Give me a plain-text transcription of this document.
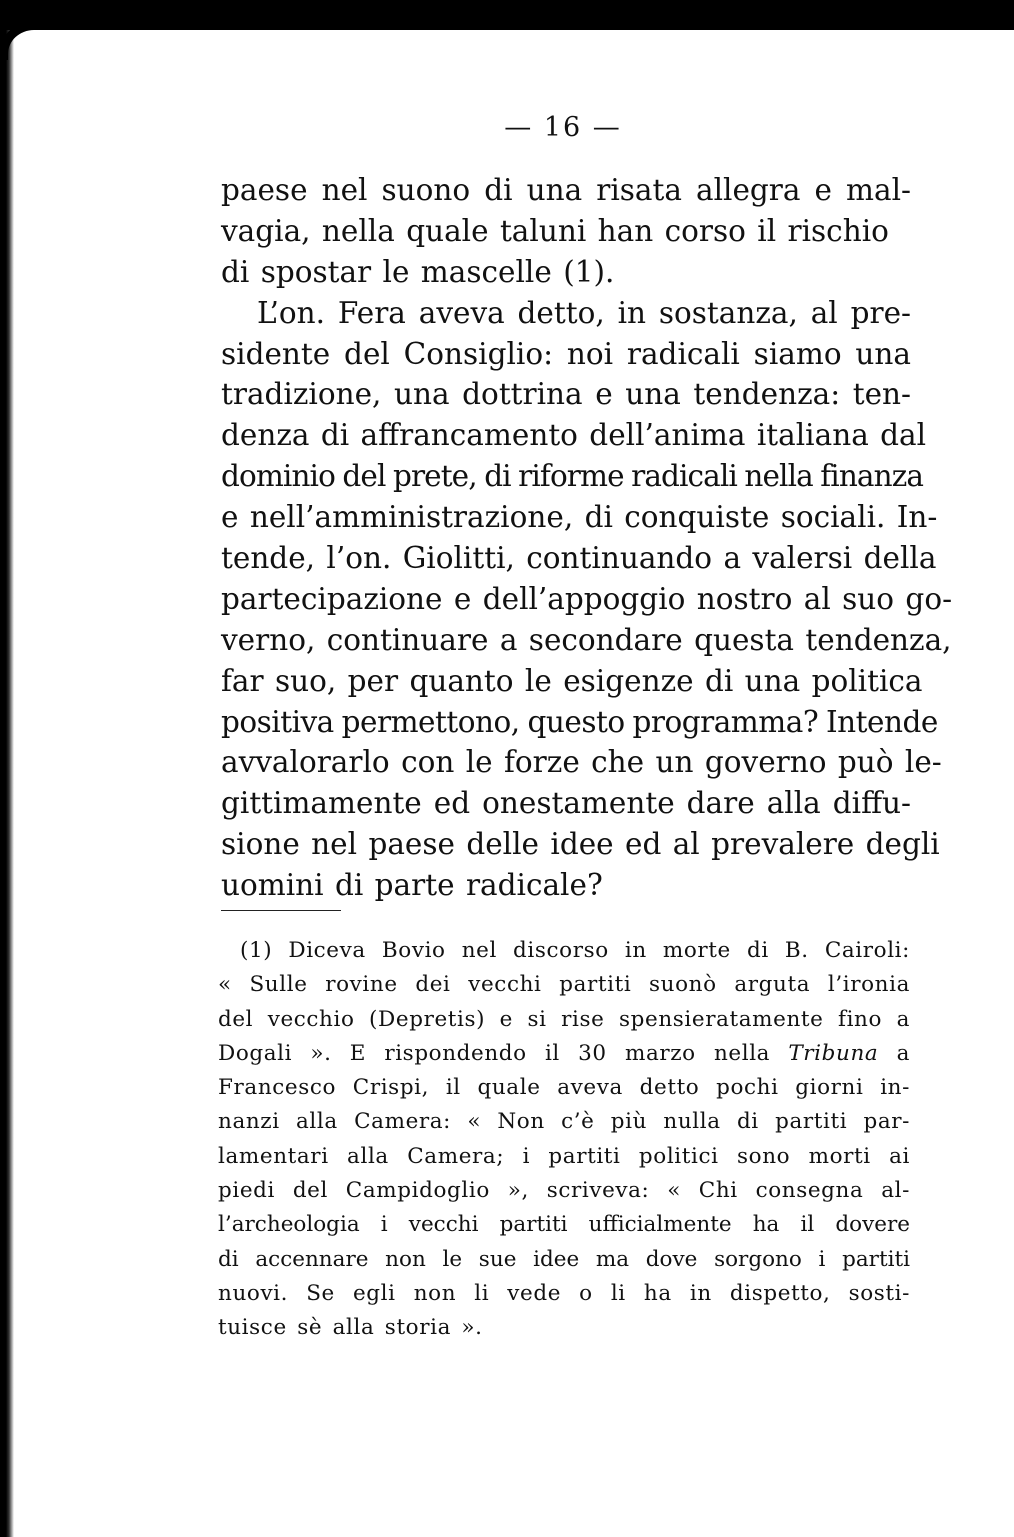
— 16 —
paese nel suono di una risata allegra e mal-
vagia, nella quale taluni han corso il rischio
di spostar le mascelle (1).
L’on. Fera aveva detto, in sostanza, al pre-
sidente del Consiglio: noi radicali siamo una
tradizione, una dottrina e una tendenza: ten-
denza di affrancamento dell’anima italiana dal
dominio del prete, di riforme radicali nella finanza
e nell’amministrazione, di conquiste sociali. In-
tende, l’on. Giolitti, continuando a valersi della
partecipazione e dell’appoggio nostro al suo go-
verno, continuare a secondare questa tendenza,
far suo, per quanto le esigenze di una politica
positiva permettono, questo programma? Intende
avvalorarlo con le forze che un governo può le-
gittimamente ed onestamente dare alla diffu-
sione nel paese delle idee ed al prevalere degli
uomini di parte radicale?
(1) Diceva Bovio nel discorso in morte di B. Cairoli:
« Sulle rovine dei vecchi partiti suonò arguta l’ironia
del vecchio (Depretis) e si rise spensieratamente fino a
Dogali ». E rispondendo il 30 marzo nella Tribuna a
Francesco Crispi, il quale aveva detto pochi giorni in-
nanzi alla Camera: « Non c’è più nulla di partiti par-
lamentari alla Camera; i partiti politici sono morti ai
piedi del Campidoglio », scriveva: « Chi consegna al-
l’archeologia i vecchi partiti ufficialmente ha il dovere
di accennare non le sue idee ma dove sorgono i partiti
nuovi. Se egli non li vede o li ha in dispetto, sosti-
tuisce sè alla storia ».
